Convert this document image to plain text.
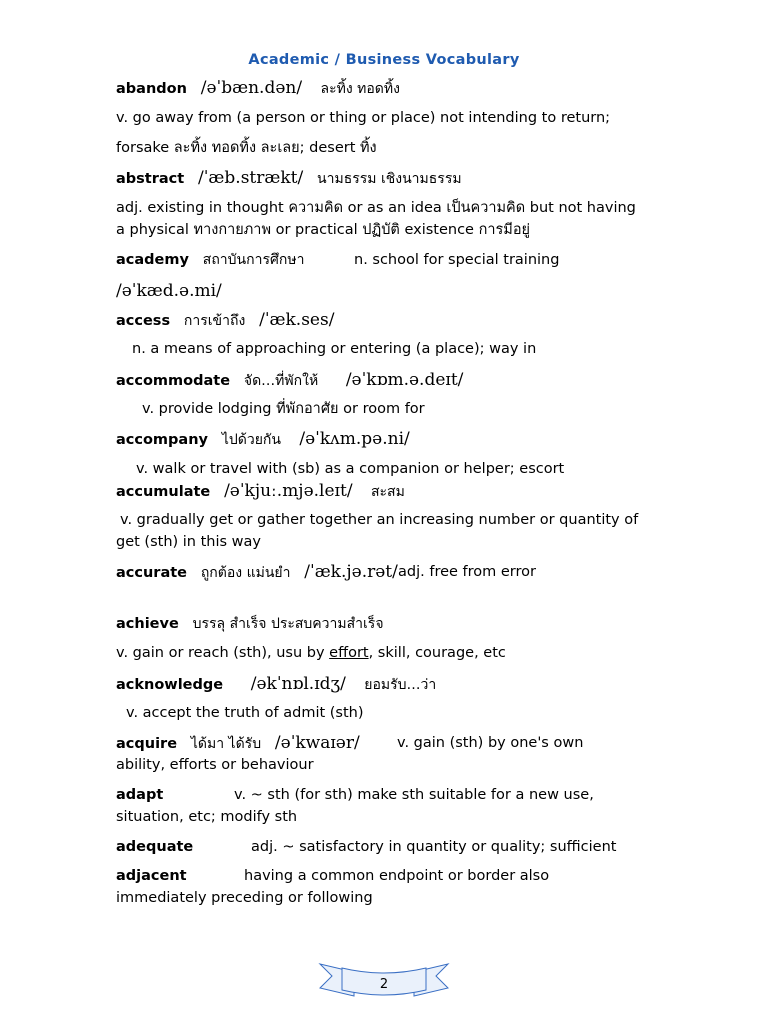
Academic / Business Vocabulary
abandon /əˈbæn.dən/ ละทิ้ง ทอดทิ้ง
v. go away from (a person or thing or place) not intending to return;
forsake ละทิ้ง ทอดทิ้ง ละเลย; desert ทิ้ง
abstract /ˈæb.strækt/ นามธรรม เชิงนามธรรม
adj. existing in thought ความคิด or as an idea เป็นความคิด but not having
a physical ทางกายภาพ or practical ปฏิบัติ existence การมีอยู่
academy สถาบันการศึกษา	n. school for special training
/əˈkæd.ə.mi/
access การเข้าถึง /ˈæk.ses/
n. a means of approaching or entering (a place); way in
accommodate จัด…ที่พักให้ /əˈkɒm.ə.deɪt/
v. provide lodging ที่พักอาศัย or room for
accompany ไปด้วยกัน /əˈkʌm.pə.ni/
v. walk or travel with (sb) as a companion or helper; escort
accumulate /əˈkjuː.mjə.leɪt/ สะสม
v. gradually get or gather together an increasing number or quantity of get (sth) in this way
accurate ถูกต้อง แม่นยำ /ˈæk.jə.rət/ adj. free from error
achieve บรรลุ สำเร็จ ประสบความสำเร็จ
v. gain or reach (sth), usu by effort, skill, courage, etc
acknowledge /əkˈnɒl.ɪdʒ/ ยอมรับ…ว่า
v. accept the truth of admit (sth)
acquire ได้มา ได้รับ /əˈkwaɪər/	v. gain (sth) by one's own
ability, efforts or behaviour
adapt	v. ~ sth (for sth) make sth suitable for a new use,
situation, etc; modify sth
adequate	adj. ~ satisfactory in quantity or quality; sufficient
adjacent	having a common endpoint or border also
immediately preceding or following
2
